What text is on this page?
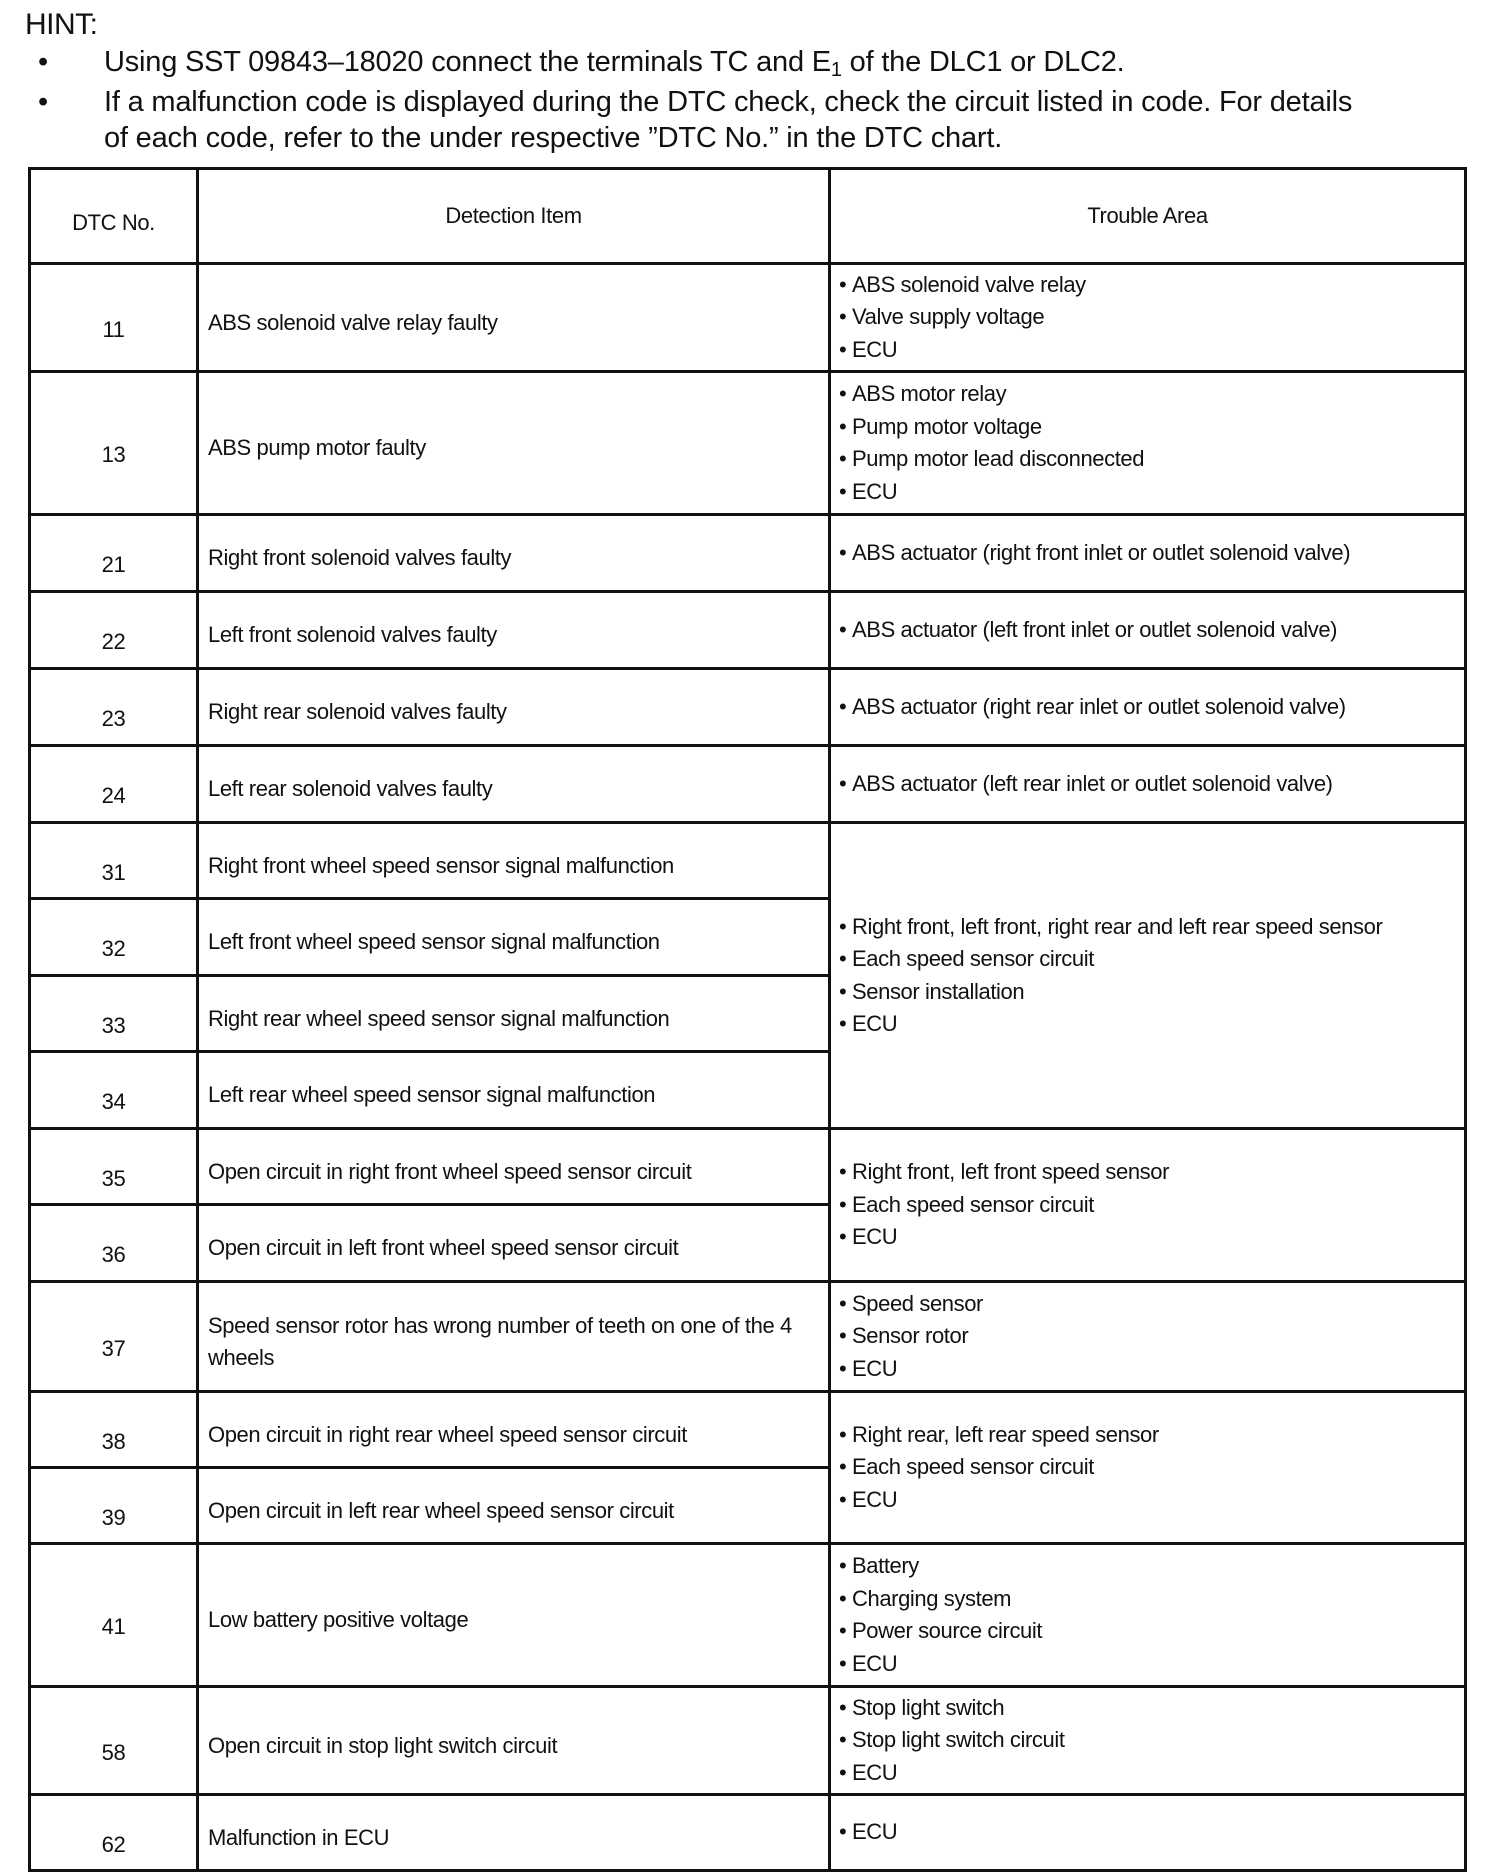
HINT:
• Using SST 09843–18020 connect the terminals TC and $E_1$ of the DLC1 or DLC2.
• If a malfunction code is displayed during the DTC check, check the circuit listed in code. For details
of each code, refer to the under respective ”DTC No.” in the DTC chart.
DTC No.	Detection Item	Trouble Area
11	ABS solenoid valve relay faulty	• ABS solenoid valve relay
• Valve supply voltage
• ECU

13	ABS pump motor faulty	• ABS motor relay
• Pump motor voltage
• Pump motor lead disconnected
• ECU

21	Right front solenoid valves faulty	• ABS actuator (right front inlet or outlet solenoid valve)

22	Left front solenoid valves faulty	• ABS actuator (left front inlet or outlet solenoid valve)

23	Right rear solenoid valves faulty	• ABS actuator (right rear inlet or outlet solenoid valve)

24	Left rear solenoid valves faulty	• ABS actuator (left rear inlet or outlet solenoid valve)

31	Right front wheel speed sensor signal malfunction	• Right front, left front, right rear and left rear speed sensor
• Each speed sensor circuit
• Sensor installation
• ECU

32	Left front wheel speed sensor signal malfunction	
33	Right rear wheel speed sensor signal malfunction	
34	Left rear wheel speed sensor signal malfunction	
35	Open circuit in right front wheel speed sensor circuit	• Right front, left front speed sensor
• Each speed sensor circuit
• ECU

36	Open circuit in left front wheel speed sensor circuit	
37	Speed sensor rotor has wrong number of teeth on one of the 4 wheels	• Speed sensor
• Sensor rotor
• ECU

38	Open circuit in right rear wheel speed sensor circuit	• Right rear, left rear speed sensor
• Each speed sensor circuit
• ECU

39	Open circuit in left rear wheel speed sensor circuit	
41	Low battery positive voltage	• Battery
• Charging system
• Power source circuit
• ECU

58	Open circuit in stop light switch circuit	• Stop light switch
• Stop light switch circuit
• ECU

62	Malfunction in ECU	• ECU
